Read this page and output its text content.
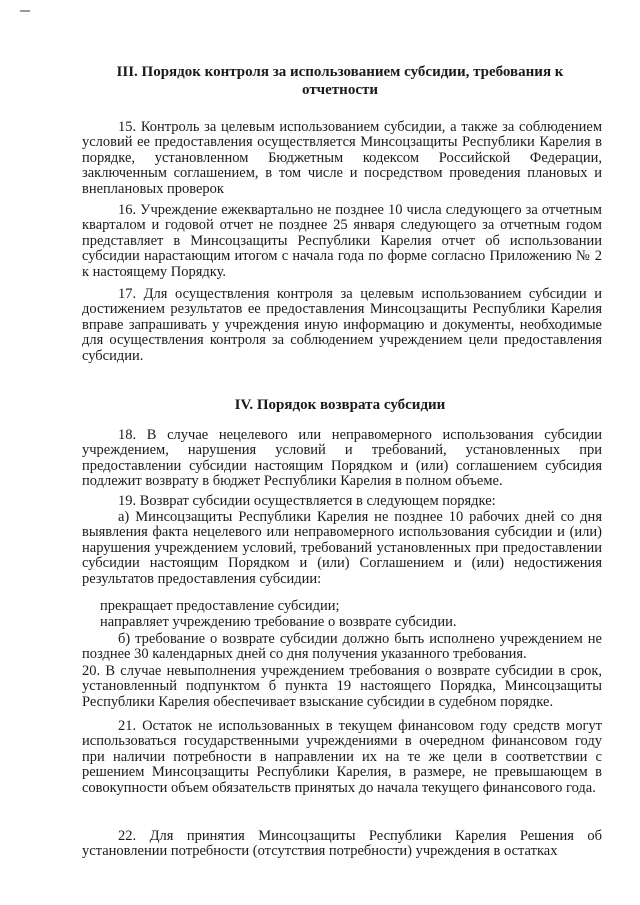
III. Порядок контроля за использованием субсидии, требования к отчетности
15. Контроль за целевым использованием субсидии, а также за соблюдением условий ее предоставления осуществляется Минсоцзащиты Республики Карелия в порядке, установленном Бюджетным кодексом Российской Федерации, заключенным соглашением, в том числе и посредством проведения плановых и внеплановых проверок
16. Учреждение ежеквартально не позднее 10 числа следующего за отчетным кварталом и годовой отчет не позднее 25 января следующего за отчетным годом представляет в Минсоцзащиты Республики Карелия отчет об использовании субсидии нарастающим итогом с начала года по форме согласно Приложению № 2 к настоящему Порядку.
17. Для осуществления контроля за целевым использованием субсидии и достижением результатов ее предоставления Минсоцзащиты Республики Карелия вправе запрашивать у учреждения иную информацию и документы, необходимые для осуществления контроля за соблюдением учреждением цели предоставления субсидии.
IV. Порядок возврата субсидии
18. В случае нецелевого или неправомерного использования субсидии учреждением, нарушения условий и требований, установленных при предоставлении субсидии настоящим Порядком и (или) соглашением субсидия подлежит возврату в бюджет Республики Карелия в полном объеме.
19. Возврат субсидии осуществляется в следующем порядке:
а) Минсоцзащиты Республики Карелия не позднее 10 рабочих дней со дня выявления факта нецелевого или неправомерного использования субсидии и (или) нарушения учреждением условий, требований установленных при предоставлении субсидии настоящим Порядком и (или) Соглашением и (или) недостижения результатов предоставления субсидии:
прекращает предоставление субсидии;
направляет учреждению требование о возврате субсидии.
б) требование о возврате субсидии должно быть исполнено учреждением не позднее 30 календарных дней со дня получения указанного требования.
20. В случае невыполнения учреждением требования о возврате субсидии в срок, установленный подпунктом б пункта 19 настоящего Порядка, Минсоцзащиты Республики Карелия обеспечивает взыскание субсидии в судебном порядке.
21. Остаток не использованных в текущем финансовом году средств могут использоваться государственными учреждениями в очередном финансовом году при наличии потребности в направлении их на те же цели в соответствии с решением Минсоцзащиты Республики Карелия, в размере, не превышающем в совокупности объем обязательств принятых до начала текущего финансового года.
22. Для принятия Минсоцзащиты Республики Карелия Решения об установлении потребности (отсутствия потребности) учреждения в остатках
